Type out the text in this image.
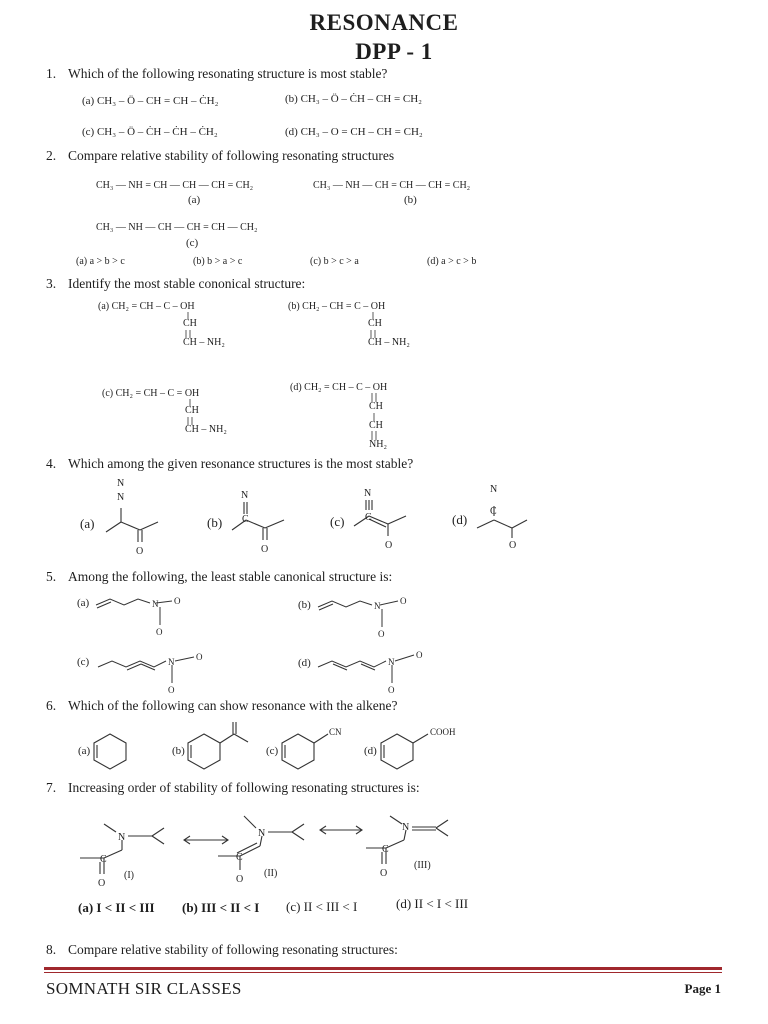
RESONANCE
DPP - 1
1. Which of the following resonating structure is most stable?
(a) CH₃ – Ö – CH = CH – ĊH₂	(b) CH₃ – Ö – ĊH – CH = CH₂
(c) CH₃ – Ö – ĊH – ĊH – ĊH₂	(d) CH₃ – O = CH – CH = CH₂
2. Compare relative stability of following resonating structures
CH₃ — NH = CH — CH — CH = CH₂	CH₃ — NH — CH = CH — CH = CH₂
(a)	(b)
CH₃ — NH — CH — CH = CH — CH₂
(c)
(a) a > b > c	(b) b > a > c	(c) b > c > a	(d) a > c > b
3. Identify the most stable cononical structure:
(a) CH₂ = CH – C – OH
CH
CH – NH₂
(b) CH₂ – CH = C – OH
CH
CH – NH₂
(c) CH₂ = CH – C = OH
CH
CH – NH₂
(d) CH₂ = CH – C – OH
CH
CH
NH₂
4. Which among the given resonance structures is the most stable?
(a)	(b)	(c)	(d)
N
N
O
N
C
O
N
C
O
N
C
O
5. Among the following, the least stable canonical structure is:
(a)	(b)
(c)	(d)
N O
O
N O
O
N O
O
N
O
O
6. Which of the following can show resonance with the alkene?
(a)	(b)	(c)	(d)
CN	COOH
7. Increasing order of stability of following resonating structures is:
N
C
O
(I)
N
C
O
(II)
N
C
O
(III)
(a) I < II < III (b) III < II < I (c) II < III < I	(d) II < I < III
8. Compare relative stability of following resonating structures:
SOMNATH SIR CLASSES	Page 1
